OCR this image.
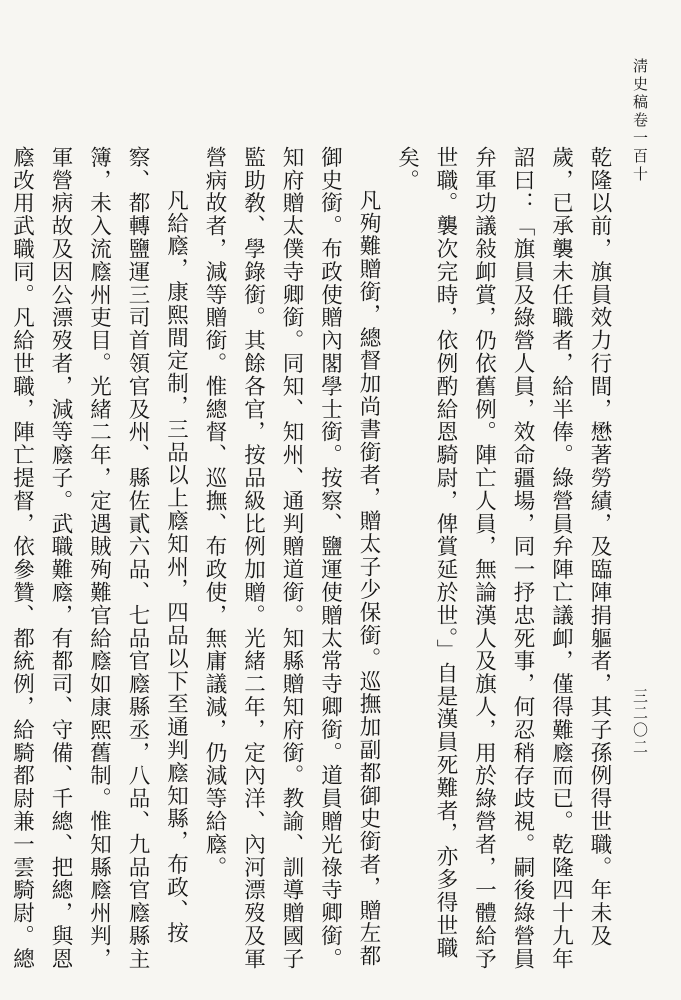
淸史稿卷一百十
三二〇二

乾隆以前，旗員效力行間，懋著勞績，及臨陣捐軀者，其子孫例得世職。年未及歲，已承襲未任職者，給半俸。綠營員弁陣亡議卹，僅得難廕而已。乾隆四十九年詔曰：「旗員及綠營人員，效命疆場，同一抒忠死事，何忍稍存歧視。嗣後綠營員弁軍功議敍卹賞，仍依舊例。陣亡人員，無論漢人及旗人，用於綠營者，一體給予世職。襲次完時，依例酌給恩騎尉，俾賞延於世。」自是漢員死難者，亦多得世職矣。

凡殉難贈銜，總督加尚書銜者，贈太子少保銜。巡撫加副都御史銜者，贈左都御史銜。布政使贈內閣學士銜。按察、鹽運使贈太常寺卿銜。道員贈光祿寺卿銜。知府贈太僕寺卿銜。同知、知州、通判贈道銜。知縣贈知府銜。教諭、訓導贈國子監助敎、學錄銜。其餘各官，按品級比例加贈。光緒二年，定內洋、內河漂歿及軍營病故者，減等贈銜。惟總督、巡撫、布政使，無庸議減，仍減等給廕。

凡給廕，康熙間定制，三品以上廕知州，四品以下至通判廕知縣，布政、按察、都轉鹽運三司首領官及州、縣佐貳六品、七品官廕縣丞，八品、九品官廕縣主簿，未入流廕州吏目。光緒二年，定遇賊殉難官給廕如康熙舊制。惟知縣廕州判，軍營病故及因公漂歿者，減等廕子。武職難廕，有都司、守備、千總、把總，與恩廕改用武職同。凡給世職，陣亡提督，依參贊、都統例，給騎都尉兼一雲騎尉。總
